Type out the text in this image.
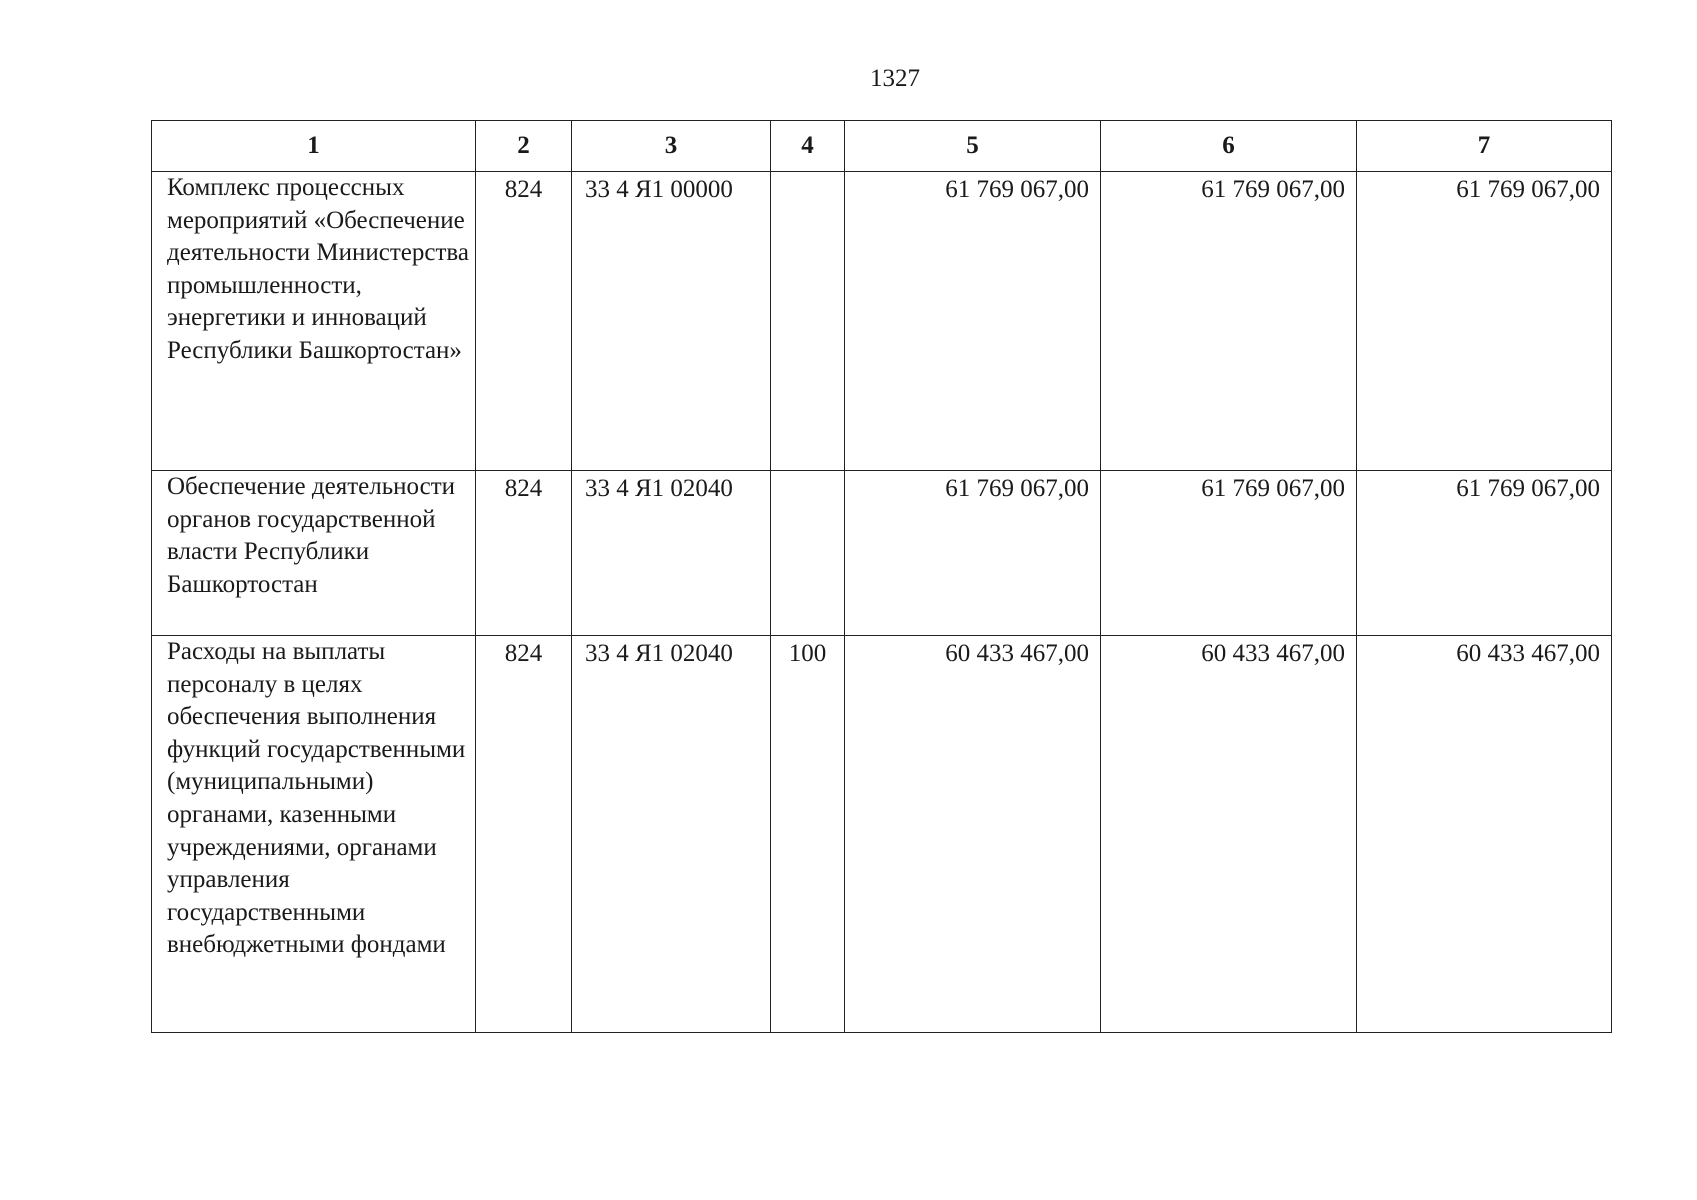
1327
1	2	3	4	5	6	7
Комплекс процессных мероприятий «Обеспечение деятельности Министерства промышленности, энергетики и инноваций Республики Башкортостан»	824	33 4 Я1 00000		61 769 067,00	61 769 067,00	61 769 067,00
Обеспечение деятельности органов государственной власти Республики Башкортостан	824	33 4 Я1 02040		61 769 067,00	61 769 067,00	61 769 067,00
Расходы на выплаты персоналу в целях обеспечения выполнения функций государственными (муниципальными) органами, казенными учреждениями, органами управления государственными внебюджетными фондами	824	33 4 Я1 02040	100	60 433 467,00	60 433 467,00	60 433 467,00
